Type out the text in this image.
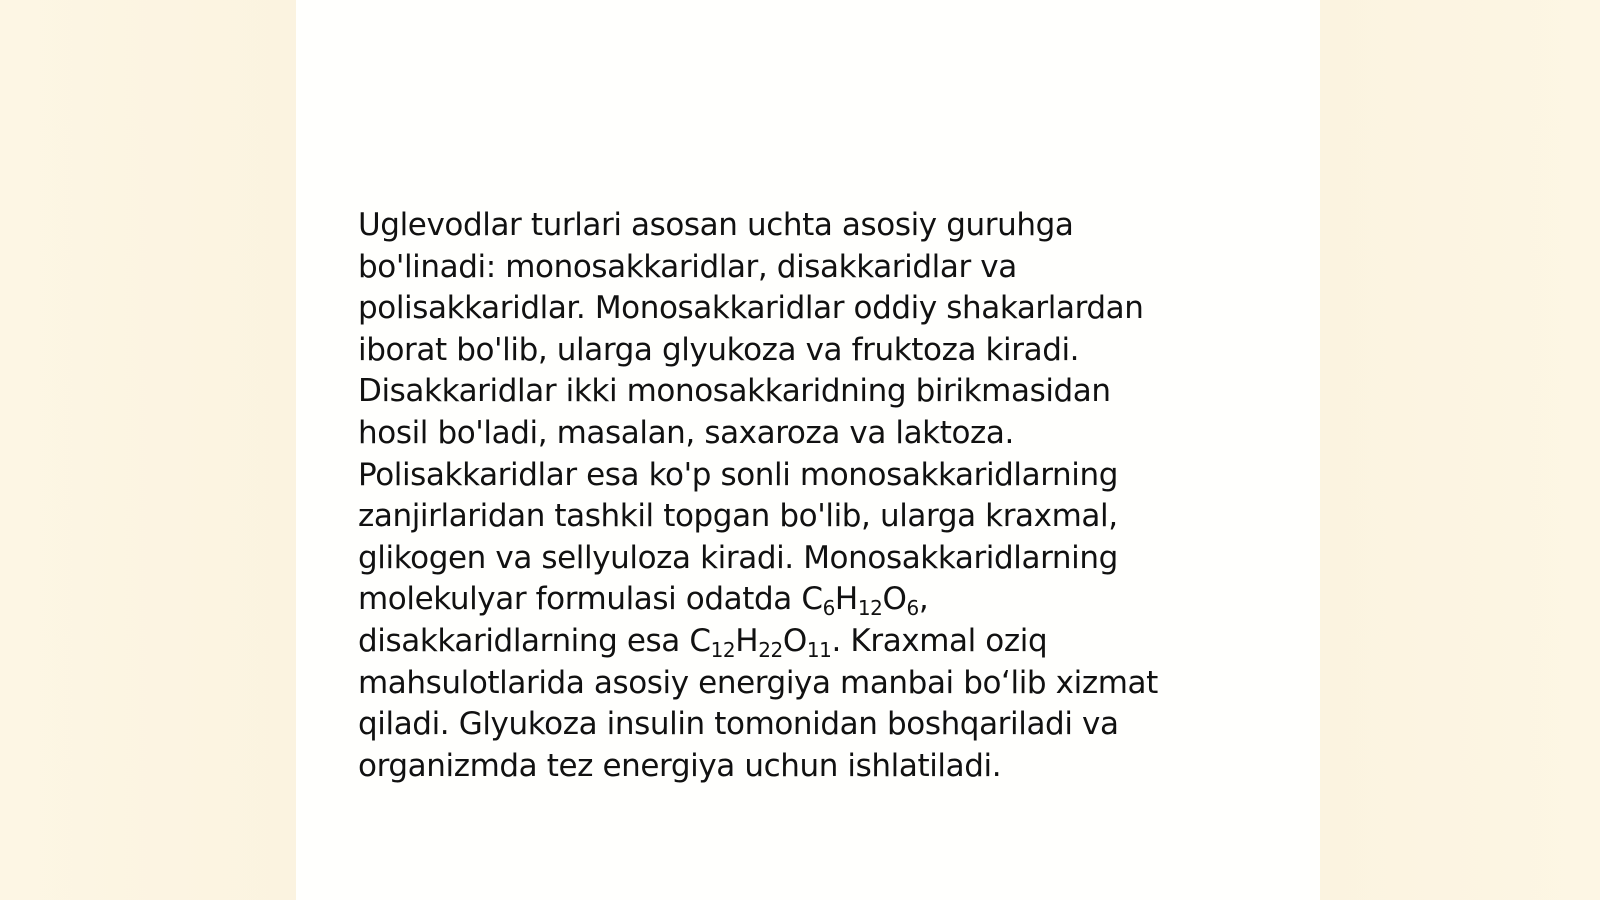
Uglevodlar turlari asosan uchta asosiy guruhga
bo'linadi: monosakkaridlar, disakkaridlar va
polisakkaridlar. Monosakkaridlar oddiy shakarlardan
iborat bo'lib, ularga glyukoza va fruktoza kiradi.
Disakkaridlar ikki monosakkaridning birikmasidan
hosil bo'ladi, masalan, saxaroza va laktoza.
Polisakkaridlar esa ko'p sonli monosakkaridlarning
zanjirlaridan tashkil topgan bo'lib, ularga kraxmal,
glikogen va sellyuloza kiradi. Monosakkaridlarning
molekulyar formulasi odatda $C_6H_{12}O_6$,
disakkaridlarning esa $C_{12}H_{22}O_{11}$. Kraxmal oziq
mahsulotlarida asosiy energiya manbai bo‘lib xizmat
qiladi. Glyukoza insulin tomonidan boshqariladi va
organizmda tez energiya uchun ishlatiladi.
